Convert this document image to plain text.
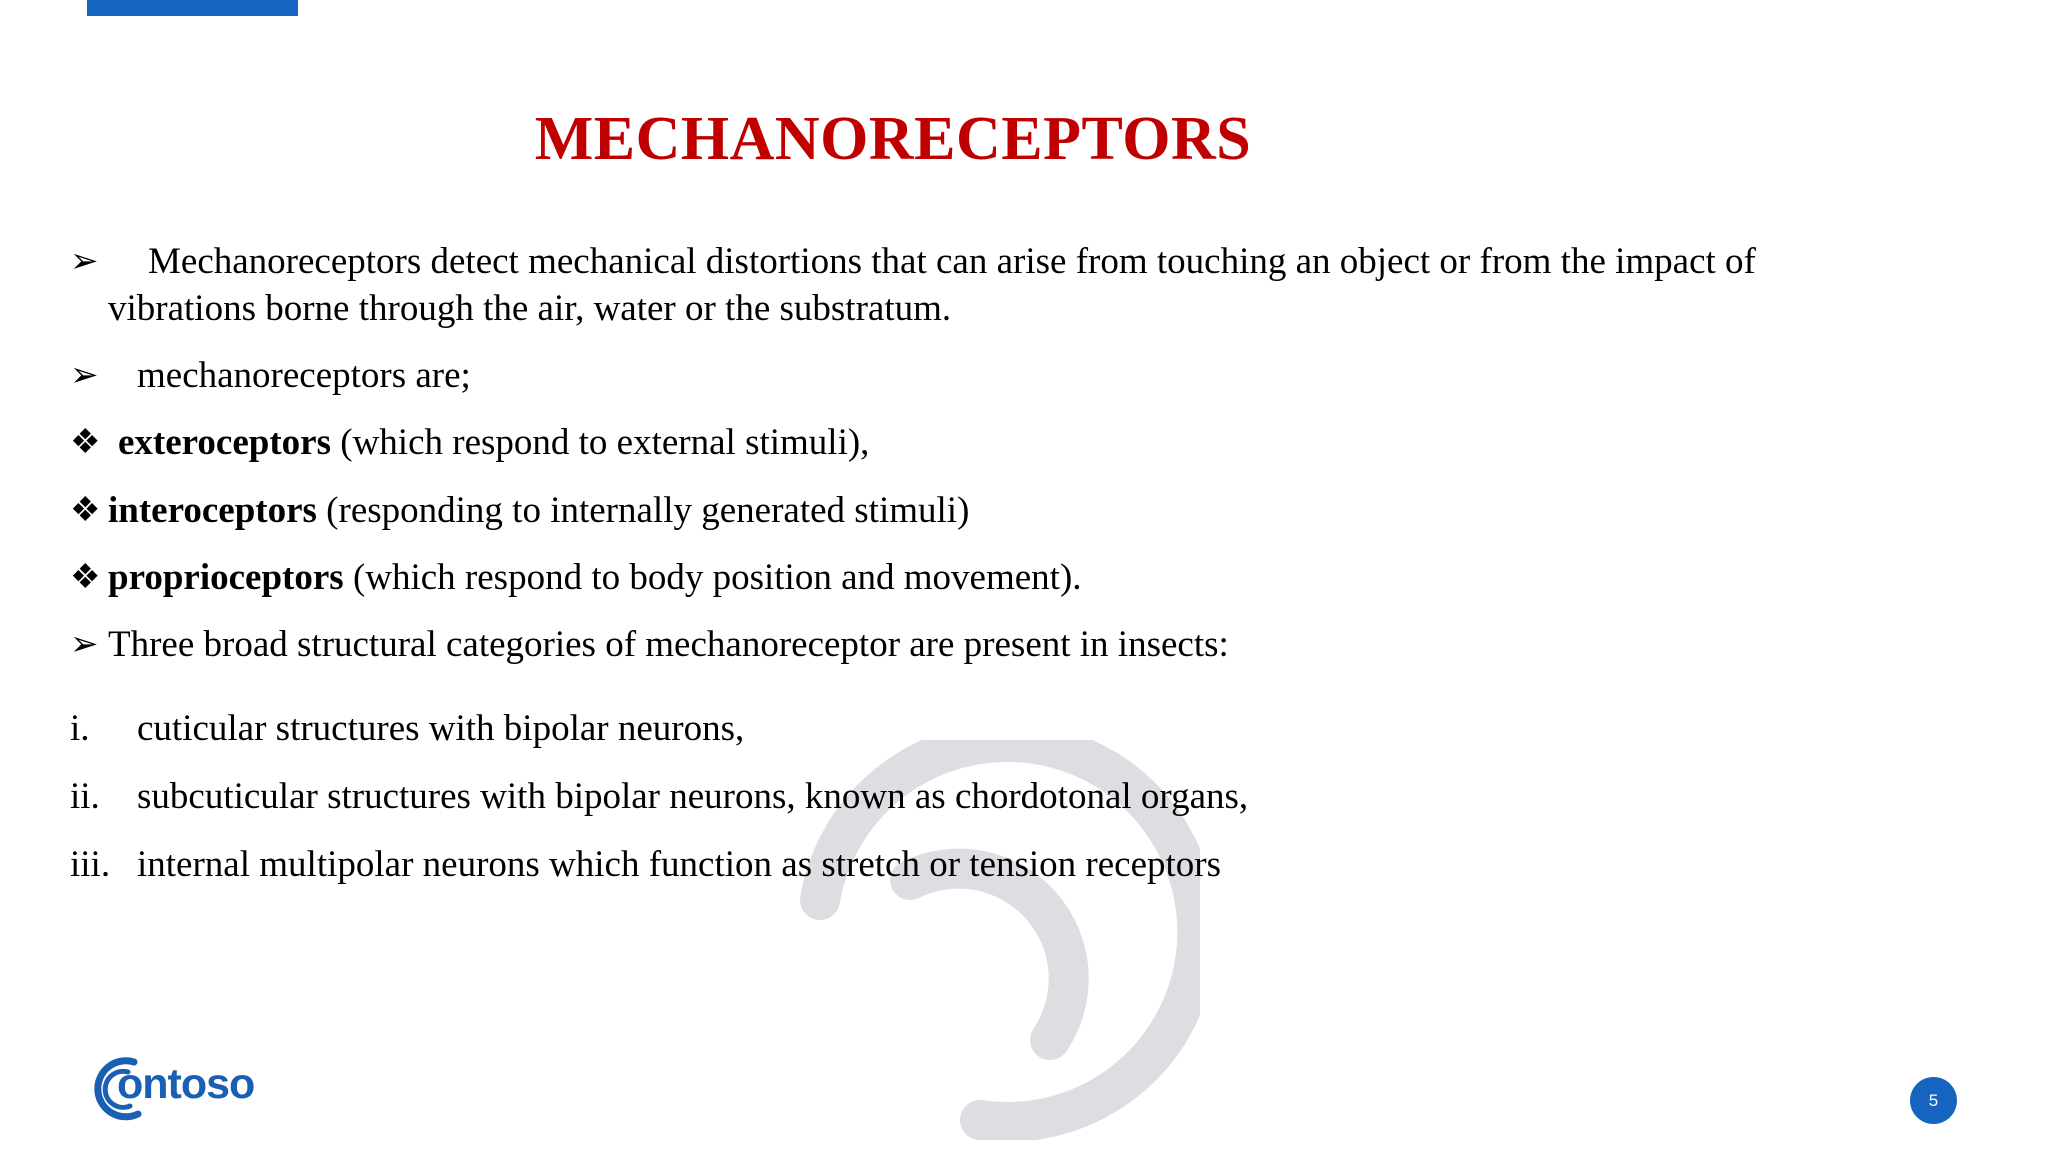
MECHANORECEPTORS
➢ Mechanoreceptors detect mechanical distortions that can arise from touching an object or from the impact of
vibrations borne through the air, water or the substratum.
➢ mechanoreceptors are;
❖ exteroceptors (which respond to external stimuli),
❖ interoceptors (responding to internally generated stimuli)
❖ proprioceptors (which respond to body position and movement).
➢ Three broad structural categories of mechanoreceptor are present in insects:
i. cuticular structures with bipolar neurons,
ii. subcuticular structures with bipolar neurons, known as chordotonal organs,
iii. internal multipolar neurons which function as stretch or tension receptors
ontoso	5
